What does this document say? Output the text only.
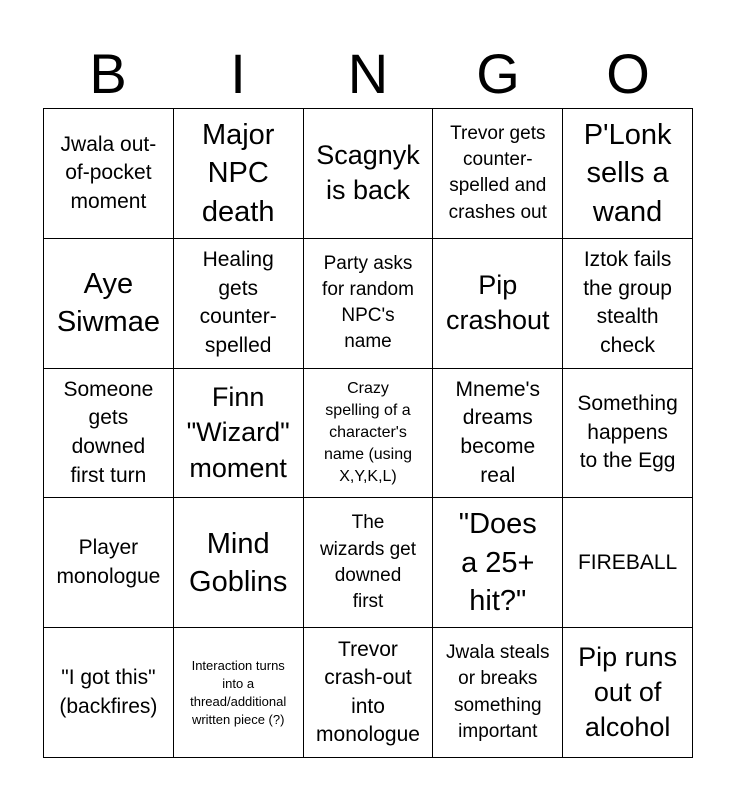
B	I	N	G	O
Jwala out-
of-pocket
moment
Major
NPC
death
Scagnyk
is back
Trevor gets
counter-
spelled and
crashes out
P'Lonk
sells a
wand
Aye
Siwmae
Healing
gets
counter-
spelled
Party asks
for random
NPC's
name
Pip
crashout
Iztok fails
the group
stealth
check
Someone
gets
downed
first turn
Finn
"Wizard"
moment
Crazy
spelling of a
character's
name (using
X,Y,K,L)
Mneme's
dreams
become
real
Something
happens
to the Egg
Player
monologue
Mind
Goblins
The
wizards get
downed
first
"Does
a 25+
hit?"
FIREBALL
"I got this"
(backfires)
Interaction turns
into a
thread/additional
written piece (?)
Trevor
crash-out
into
monologue
Jwala steals
or breaks
something
important
Pip runs
out of
alcohol
